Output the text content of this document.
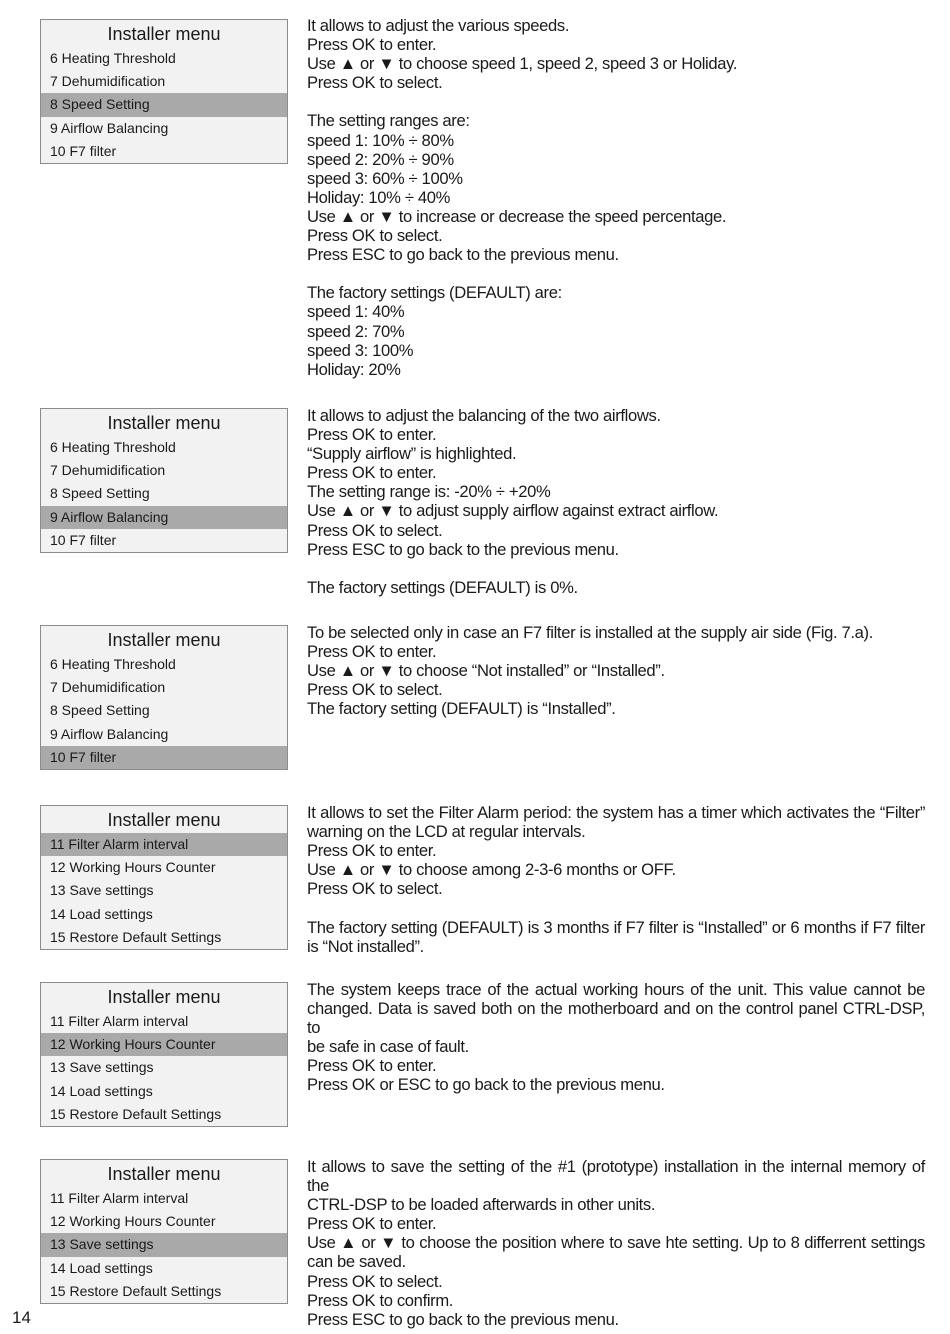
14
Installer menu
6 Heating Threshold
7 Dehumidification
8 Speed Setting
9 Airflow Balancing
10 F7 filter

It allows to adjust the various speeds.

Press OK to enter.

Use ▲ or ▼ to choose speed 1, speed 2, speed 3 or Holiday.

Press OK to select.

The setting ranges are:

speed 1: 10% ÷ 80%

speed 2: 20% ÷ 90%

speed 3: 60% ÷ 100%

Holiday: 10% ÷ 40%

Use ▲ or ▼ to increase or decrease the speed percentage.

Press OK to select.

Press ESC to go back to the previous menu.

The factory settings (DEFAULT) are:

speed 1: 40%

speed 2: 70%

speed 3: 100%

Holiday: 20%

Installer menu
6 Heating Threshold
7 Dehumidification
8 Speed Setting
9 Airflow Balancing
10 F7 filter

It allows to adjust the balancing of the two airflows.

Press OK to enter.

“Supply airflow” is highlighted.

Press OK to enter.

The setting range is: -20% ÷ +20%

Use ▲ or ▼ to adjust supply airflow against extract airflow.

Press OK to select.

Press ESC to go back to the previous menu.

The factory settings (DEFAULT) is 0%.

Installer menu
6 Heating Threshold
7 Dehumidification
8 Speed Setting
9 Airflow Balancing
10 F7 filter

To be selected only in case an F7 filter is installed at the supply air side (Fig. 7.a).

Press OK to enter.

Use ▲ or ▼ to choose “Not installed” or “Installed”.

Press OK to select.

The factory setting (DEFAULT) is “Installed”.

Installer menu
11 Filter Alarm interval
12 Working Hours Counter
13 Save settings
14 Load settings
15 Restore Default Settings

It allows to set the Filter Alarm period: the system has a timer which activates the “Filter”

warning on the LCD at regular intervals.

Press OK to enter.

Use ▲ or ▼ to choose among 2-3-6 months or OFF.

Press OK to select.

The factory setting (DEFAULT) is 3 months if F7 filter is “Installed” or 6 months if F7 filter

is “Not installed”.

Installer menu
11 Filter Alarm interval
12 Working Hours Counter
13 Save settings
14 Load settings
15 Restore Default Settings

The system keeps trace of the actual working hours of the unit. This value cannot be

changed. Data is saved both on the motherboard and on the control panel CTRL-DSP, to

be safe in case of fault.

Press OK to enter.

Press OK or ESC to go back to the previous menu.

Installer menu
11 Filter Alarm interval
12 Working Hours Counter
13 Save settings
14 Load settings
15 Restore Default Settings

It allows to save the setting of the #1 (prototype) installation in the internal memory of the

CTRL-DSP to be loaded afterwards in other units.

Press OK to enter.

Use ▲ or ▼ to choose the position where to save hte setting. Up to 8 differrent settings

can be saved.

Press OK to select.

Press OK to confirm.

Press ESC to go back to the previous menu.
